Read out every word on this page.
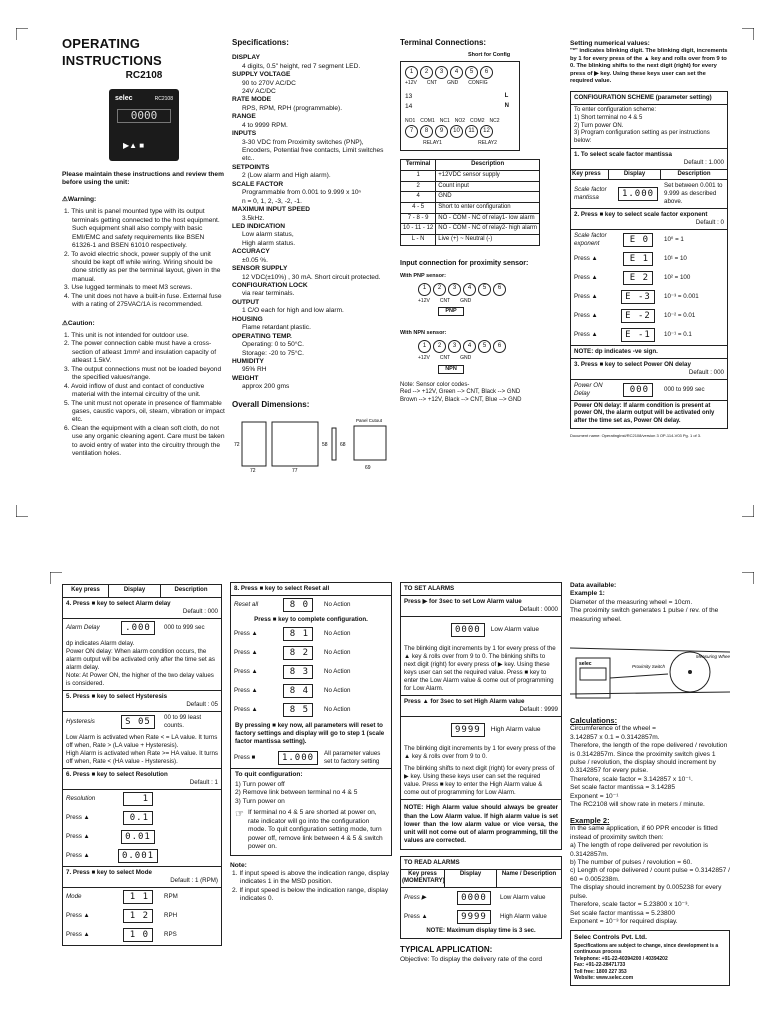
OPERATING INSTRUCTIONS
RC2108
selec	RC2108
0000
▶▲ ■
Please maintain these instructions and review them before using the unit:
⚠Warning:
1. This unit is panel mounted type with its output terminals getting connected to the host equipment. Such equipment shall also comply with basic EMI/EMC and safety requirements like BSEN 61326-1 and BSEN 61010 respectively.
2. To avoid electric shock, power supply of the unit should be kept off while wiring. Wiring should be done strictly as per the terminal layout, given in the manual.
3. Use lugged terminals to meet M3 screws.
4. The unit does not have a built-in fuse. External fuse with a rating of 275VAC/1A is recommended.
⚠Caution:
1. This unit is not intended for outdoor use.
2. The power connection cable must have a cross-section of atleast 1mm² and insulation capacity of atleast 1.5kV.
3. The output connections must not be loaded beyond the specified values/range.
4. Avoid inflow of dust and contact of conductive material with the internal circuitry of the unit.
5. The unit must not operate in presence of flammable gases, caustic vapors, oil, steam, vibration or impact etc.
6. Clean the equipment with a clean soft cloth, do not use any organic cleaning agent. Care must be taken to avoid entry of water into the circuitry through the ventilation holes.
Specifications:
DISPLAY
4 digits, 0.5" height, red 7 segment LED.
SUPPLY VOLTAGE
90 to 270V AC/DC
24V AC/DC
RATE MODE
RPS, RPM, RPH (programmable).
RANGE
4 to 9999 RPM.
INPUTS
3-30 VDC from Proximity switches (PNP), Encoders, Potential free contacts, Limit switches etc..
SETPOINTS
2 (Low alarm and High alarm).
SCALE FACTOR
Programmable from 0.001 to 9.999 x 10ⁿ
n = 0, 1, 2, -3, -2, -1.
MAXIMUM INPUT SPEED
3.5kHz.
LED INDICATION
Low alarm status,
High alarm status.
ACCURACY
±0.05 %.
SENSOR SUPPLY
12 VDC(±10%) , 30 mA. Short circuit protected.
CONFIGURATION LOCK
via rear terminals.
OUTPUT
1 C/O each for high and low alarm.
HOUSING
Flame retardant plastic.
OPERATING TEMP.
Operating: 0 to 50°C.
Storage: -20 to 75°C.
HUMIDITY
95% RH
WEIGHT
approx 200 gms
Overall Dimensions:
72
72	77
58 68
69
Panel Cutout
Terminal Connections:
Short for Config
1	2	3	4	5	6
+12V CNT GND CONFIG
13
14
L
N
NO1 COM1 NC1 NO2 COM2 NC2
7	8	9	10	11	12
RELAY1	RELAY2
Terminal	Description
1	+12VDC sensor supply
2	Count input
4	GND
4 - 5	Short to enter configuration
7 - 8 - 9	NO - COM - NC of relay1- low alarm
10 - 11 - 12	NO - COM - NC of relay2- high alarm
L - N	Live (+) ~ Neutral (-)
Input connection for proximity sensor:
With PNP sensor:
1	2	3	4	5	6
+12V CNT GND
PNP
With NPN sensor:
1	2	3	4	5	6
+12V CNT GND
NPN
Note: Sensor color codes-
Red --> +12V, Green --> CNT, Black --> GND
Brown --> +12V, Black --> CNT, Blue --> GND
Setting numerical values:
"*" indicates blinking digit. The blinking digit, increments by 1 for every press of the ▲ key and rolls over from 9 to 0. The blinking shifts to the next digit (right) for every press of ▶ key. Using these keys user can set the required value.
CONFIGURATION SCHEME (parameter setting)
To enter configuration scheme:
1) Short terminal no 4 & 5
2) Turn power ON.
3) Program configuration setting as per instructions below:
1. To select scale factor mantissa
Default : 1.000
Key press	Display	Description
Scale factor mantissa	1.000
Set between 0.001 to 9.999 as described above.
2. Press ■ key to select scale factor exponent
Default : 0
Scale factor exponent	E 0	10⁰ = 1
Press ▲	E 1	10¹ = 10
Press ▲	E 2	10² = 100
Press ▲	E -3	10⁻³ = 0.001
Press ▲	E -2	10⁻² = 0.01
Press ▲	E -1	10⁻¹ = 0.1
NOTE: dp indicates -ve sign.
3. Press ■ key to select Power ON delay
Default : 000
Power ON Delay	000	000 to 999 sec
Power ON delay: If alarm condition is present at power ON, the alarm output will be activated only after the time set as, Power ON delay.
Document name: OperatingInst/RC2108/version 3 OP-114-V03 Pg. 1 of 3.
Key press	Display	Description
4. Press ■ key to select Alarm delay
Default : 000
Alarm Delay	.000	000 to 999 sec
dp indicates Alarm delay.
Power ON delay: When alarm condition occurs, the alarm output will be activated only after the time set as alarm delay.
Note: At Power ON, the higher of the two delay values is considered.
5. Press ■ key to select Hysteresis
Default : 05
Hysteresis	S 05	00 to 99 least counts.
Low Alarm is activated when Rate < = LA value. It turns off when, Rate > (LA value + Hysteresis).
High Alarm is activated when Rate >= HA value. It turns off when, Rate < (HA value - Hysteresis).
6. Press ■ key to select Resolution
Default : 1
Resolution	1
Press ▲	0.1
Press ▲	0.01
Press ▲	0.001
7. Press ■ key to select Mode
Default : 1 (RPM)
Mode	1 1	RPM
Press ▲	1 2	RPH
Press ▲	1 0	RPS
8. Press ■ key to select Reset all
Reset all	8 0	No Action
Press ■ key to complete configuration.
Press ▲	8 1	No Action
Press ▲	8 2	No Action
Press ▲	8 3	No Action
Press ▲	8 4	No Action
Press ▲	8 5	No Action
By pressing ■ key now, all parameters will reset to factory settings and display will go to step 1 (scale factor mantissa setting).
Press ■	1.000	All parameter values set to factory setting
To quit configuration:
1) Turn power off
2) Remove link between terminal no 4 & 5
3) Turn power on
☞ If terminal no 4 & 5 are shorted at power on, rate indicator will go into the configuration mode. To quit configuration setting mode, turn power off, remove link between 4 & 5 & switch power on.
Note:
1. If input speed is above the indication range, display indicates 1 in the MSD position.
2. If input speed is below the indication range, display indicates 0.
TO SET ALARMS
Press ▶ for 3sec to set Low Alarm value
Default : 0000
0000	Low Alarm value
The blinking digit increments by 1 for every press of the ▲ key & rolls over from 9 to 0. The blinking shifts to next digit (right) for every press of ▶ key. Using these keys user can set the required value. Press ■ key to enter the Low Alarm value & come out of programming for Low Alarm.
Press ▲ for 3sec to set High Alarm value
Default : 9999
9999	High Alarm value
The blinking digit increments by 1 for every press of the ▲ key & rolls over from 9 to 0.
The blinking shifts to next digit (right) for every press of ▶ key. Using these keys user can set the required value. Press ■ key to enter the High Alarm value & come out of programming for Low Alarm.
NOTE: High Alarm value should always be greater than the Low Alarm value. If high alarm value is set lower than the low alarm value or vice versa, the unit will not come out of alarm programming, till the values are corrected.
TO READ ALARMS
Key press (MOMENTARY)
Display	Name / Description
Press ▶	0000	Low Alarm value
Press ▲	9999	High Alarm value
NOTE: Maximum display time is 3 sec.
TYPICAL APPLICATION:
Objective: To display the delivery rate of the cord
Data available:
Example 1:
Diameter of the measuring wheel = 10cm.
The proximity switch generates 1 pulse / rev. of the measuring wheel.
selec	Proximity Switch
Measuring Wheel
Calculations:
Circumference of the wheel =
3.142857 x 0.1 = 0.3142857m.
Therefore, the length of the rope delivered / revolution is 0.3142857m. Since the proximity switch gives 1 pulse / revolution, the display should increment by 0.3142857 for every pulse.
Therefore, scale factor = 3.142857 x 10⁻¹.
Set scale factor mantissa = 3.14285
Exponent = 10⁻¹
The RC2108 will show rate in meters / minute.
Example 2:
In the same application, if 60 PPR encoder is fitted instead of proximity switch then:
a) The length of rope delivered per revolution is 0.3142857m.
b) The number of pulses / revolution = 60.
c) Length of rope delivered / count pulse = 0.3142857 / 60 = 0.005238m.
The display should increment by 0.005238 for every pulse.
Therefore, scale factor = 5.23800 x 10⁻³.
Set scale factor mantissa = 5.23800
Exponent = 10⁻³ for required display.
Selec Controls Pvt. Ltd.
Specifications are subject to change, since development is a continuous process
Telephone: +91-22-40394200 / 40394202
Fax: +91-22-28471733
Toll free: 1800 227 353
Website: www.selec.com
